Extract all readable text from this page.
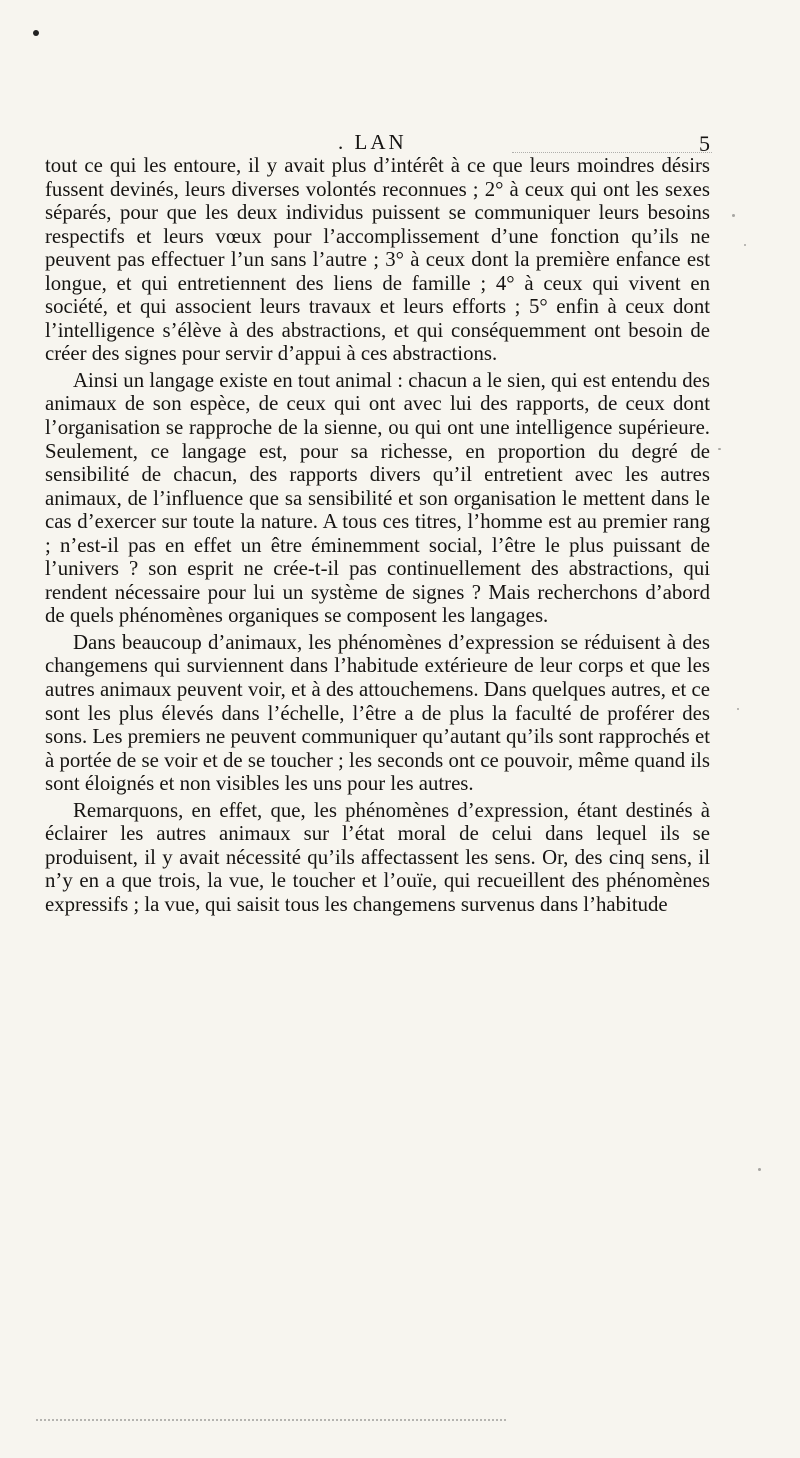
. LAN	5

tout ce qui les entoure, il y avait plus d’intérêt à ce que leurs moindres désirs fussent devinés, leurs diverses volontés reconnues ; 2° à ceux qui ont les sexes séparés, pour que les deux individus puissent se communiquer leurs besoins respectifs et leurs vœux pour l’accomplissement d’une fonction qu’ils ne peuvent pas effectuer l’un sans l’autre ; 3° à ceux dont la première enfance est longue, et qui entretiennent des liens de famille ; 4° à ceux qui vivent en société, et qui associent leurs travaux et leurs efforts ; 5° enfin à ceux dont l’intelligence s’élève à des abstractions, et qui conséquemment ont besoin de créer des signes pour servir d’appui à ces abstractions.

Ainsi un langage existe en tout animal : chacun a le sien, qui est entendu des animaux de son espèce, de ceux qui ont avec lui des rapports, de ceux dont l’organisation se rapproche de la sienne, ou qui ont une intelligence supérieure. Seulement, ce langage est, pour sa richesse, en proportion du degré de sensibilité de chacun, des rapports divers qu’il entretient avec les autres animaux, de l’influence que sa sensibilité et son organisation le mettent dans le cas d’exercer sur toute la nature. A tous ces titres, l’homme est au premier rang ; n’est-il pas en effet un être éminemment social, l’être le plus puissant de l’univers ? son esprit ne crée-t-il pas continuellement des abstractions, qui rendent nécessaire pour lui un système de signes ? Mais recherchons d’abord de quels phénomènes organiques se composent les langages.

Dans beaucoup d’animaux, les phénomènes d’expression se réduisent à des changemens qui surviennent dans l’habitude extérieure de leur corps et que les autres animaux peuvent voir, et à des attouchemens. Dans quelques autres, et ce sont les plus élevés dans l’échelle, l’être a de plus la faculté de proférer des sons. Les premiers ne peuvent communiquer qu’autant qu’ils sont rapprochés et à portée de se voir et de se toucher ; les seconds ont ce pouvoir, même quand ils sont éloignés et non visibles les uns pour les autres.

Remarquons, en effet, que, les phénomènes d’expression, étant destinés à éclairer les autres animaux sur l’état moral de celui dans lequel ils se produisent, il y avait nécessité qu’ils affectassent les sens. Or, des cinq sens, il n’y en a que trois, la vue, le toucher et l’ouïe, qui recueillent des phénomènes expressifs ; la vue, qui saisit tous les changemens survenus dans l’habitude
